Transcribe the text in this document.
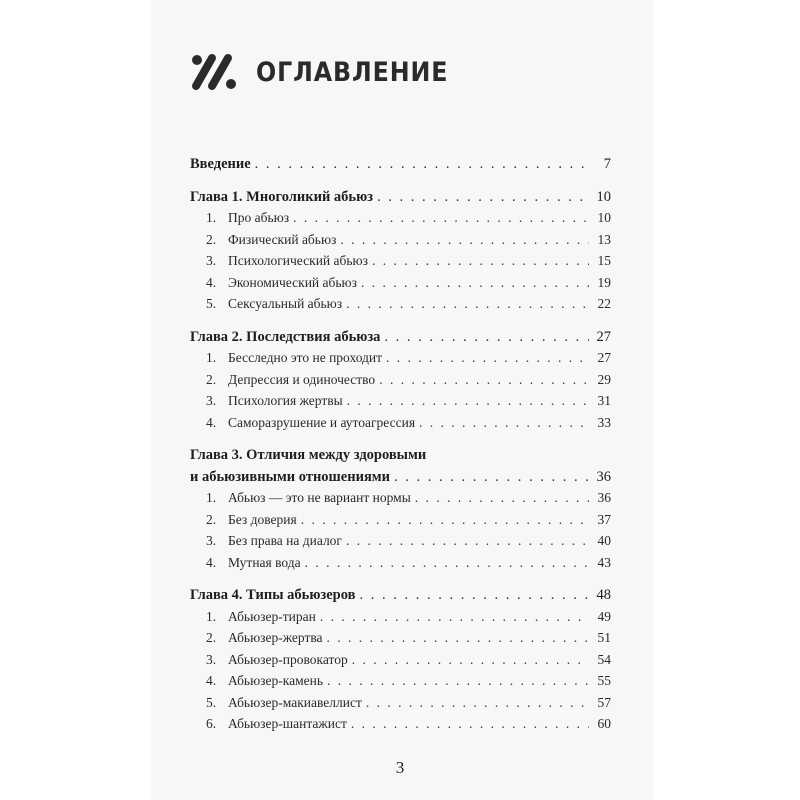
ОГЛАВЛЕНИЕ
Введение . . .	7
Глава 1. Многоликий абьюз . . .	10
1. Про абьюз . . .	10
2. Физический абьюз . . .	13
3. Психологический абьюз . . .	15
4. Экономический абьюз . . .	19
5. Сексуальный абьюз . . .	22
Глава 2. Последствия абьюза . . .	27
1. Бесследно это не проходит . . .	27
2. Депрессия и одиночество . . .	29
3. Психология жертвы . . .	31
4. Саморазрушение и аутоагрессия . . .	33
Глава 3. Отличия между здоровыми
и абьюзивными отношениями . . .	36
1. Абьюз — это не вариант нормы . . .	36
2. Без доверия . . .	37
3. Без права на диалог . . .	40
4. Мутная вода . . .	43
Глава 4. Типы абьюзеров . . .	48
1. Абьюзер-тиран . . .	49
2. Абьюзер-жертва . . .	51
3. Абьюзер-провокатор . . .	54
4. Абьюзер-камень . . .	55
5. Абьюзер-макиавеллист . . .	57
6. Абьюзер-шантажист . . .	60
3
